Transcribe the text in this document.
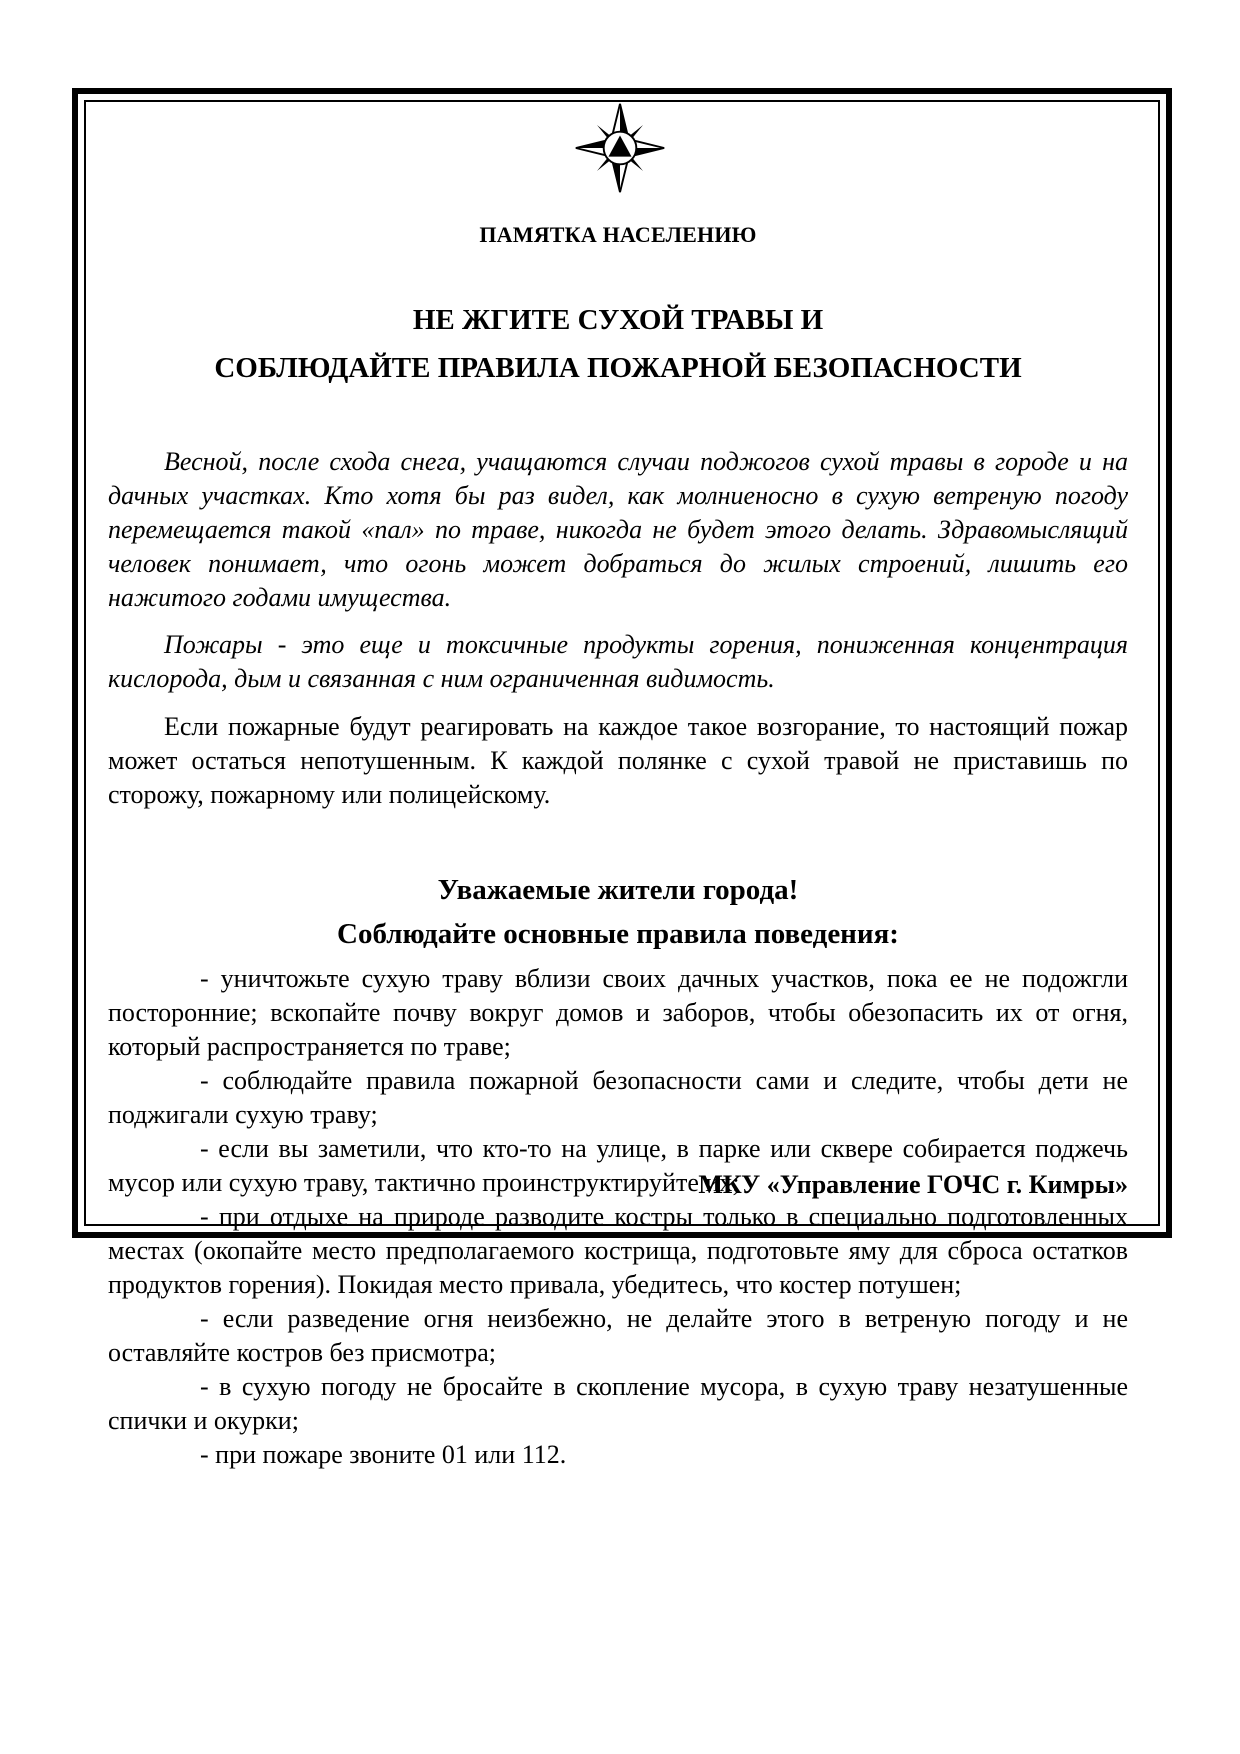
ПАМЯТКА НАСЕЛЕНИЮ
НЕ ЖГИТЕ СУХОЙ ТРАВЫ И
СОБЛЮДАЙТЕ ПРАВИЛА ПОЖАРНОЙ БЕЗОПАСНОСТИ

Весной, после схода снега, учащаются случаи поджогов сухой травы в городе и на дачных участках. Кто хотя бы раз видел, как молниеносно в сухую ветреную погоду перемещается такой «пал» по траве, никогда не будет этого делать. Здравомыслящий человек понимает, что огонь может добраться до жилых строений, лишить его нажитого годами имущества.

Пожары - это еще и токсичные продукты горения, пониженная концентрация кислорода, дым и связанная с ним ограниченная видимость.

Если пожарные будут реагировать на каждое такое возгорание, то настоящий пожар может остаться непотушенным. К каждой полянке с сухой травой не приставишь по сторожу, пожарному или полицейскому.

Уважаемые жители города!
Соблюдайте основные правила поведения:
- уничтожьте сухую траву вблизи своих дачных участков, пока ее не подожгли посторонние; вскопайте почву вокруг домов и заборов, чтобы обезопасить их от огня, который распространяется по траве;
- соблюдайте правила пожарной безопасности сами и следите, чтобы дети не поджигали сухую траву;
- если вы заметили, что кто-то на улице, в парке или сквере собирается поджечь мусор или сухую траву, тактично проинструктируйте их;
- при отдыхе на природе разводите костры только в специально подготовленных местах (окопайте место предполагаемого кострища, подготовьте яму для сброса остатков продуктов горения). Покидая место привала, убедитесь, что костер потушен;
- если разведение огня неизбежно, не делайте этого в ветреную погоду и не оставляйте костров без присмотра;
- в сухую погоду не бросайте в скопление мусора, в сухую траву незатушенные спички и окурки;
- при пожаре звоните 01 или 112.
МКУ «Управление ГОЧС г. Кимры»
